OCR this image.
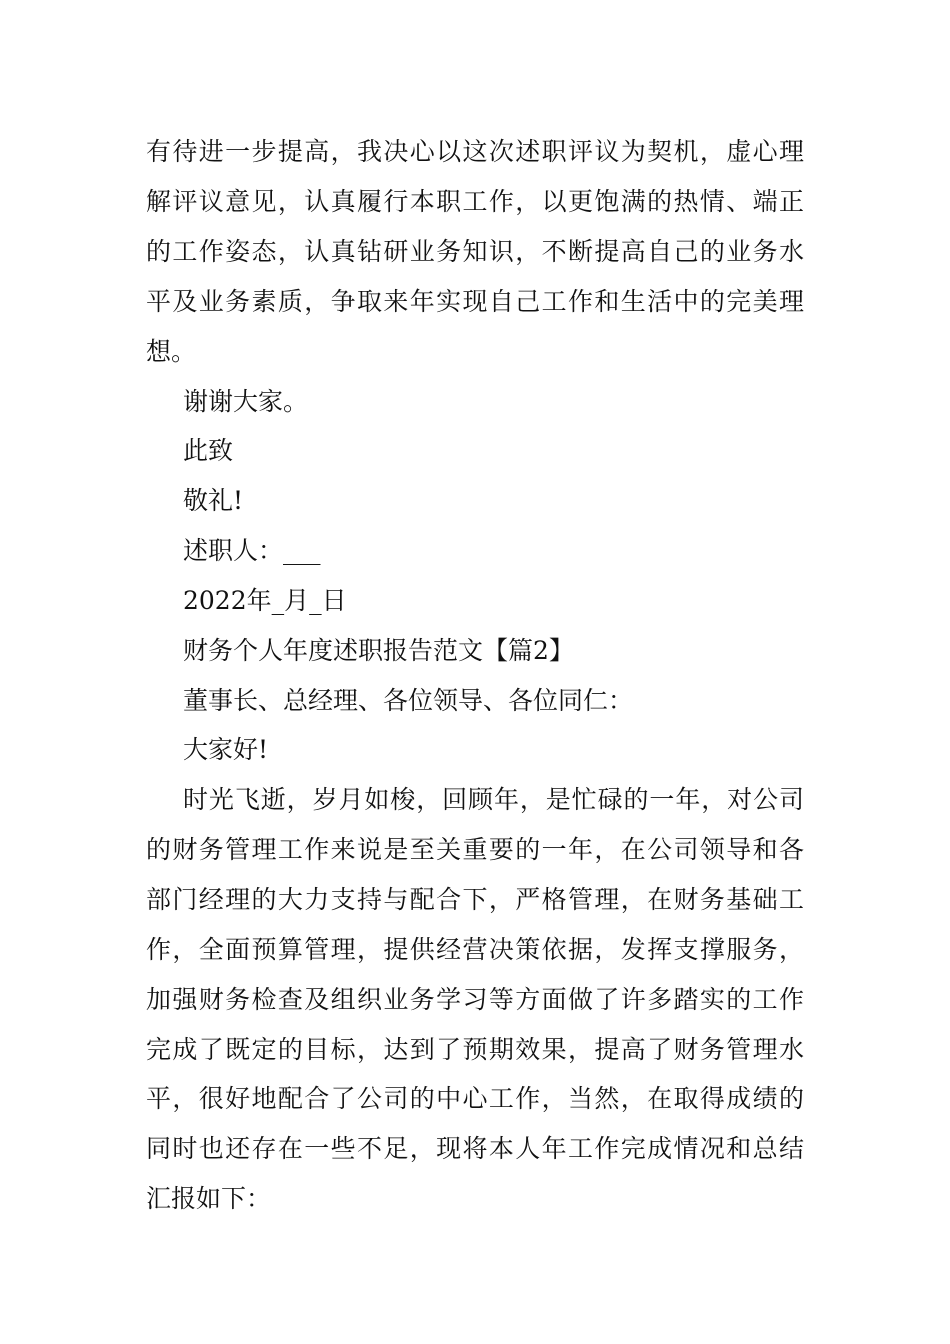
有待进一步提高，我决心以这次述职评议为契机，虚心理
解评议意见，认真履行本职工作，以更饱满的热情、端正
的工作姿态，认真钻研业务知识，不断提高自己的业务水
平及业务素质，争取来年实现自己工作和生活中的完美理
想。
谢谢大家。
此致
敬礼!
述职人：___
2022年_月_日
财务个人年度述职报告范文【篇2】
董事长、总经理、各位领导、各位同仁：
大家好!
时光飞逝，岁月如梭，回顾年，是忙碌的一年，对公司
的财务管理工作来说是至关重要的一年，在公司领导和各
部门经理的大力支持与配合下，严格管理，在财务基础工
作，全面预算管理，提供经营决策依据，发挥支撑服务，
加强财务检查及组织业务学习等方面做了许多踏实的工作
完成了既定的目标，达到了预期效果，提高了财务管理水
平，很好地配合了公司的中心工作，当然，在取得成绩的
同时也还存在一些不足，现将本人年工作完成情况和总结
汇报如下：
